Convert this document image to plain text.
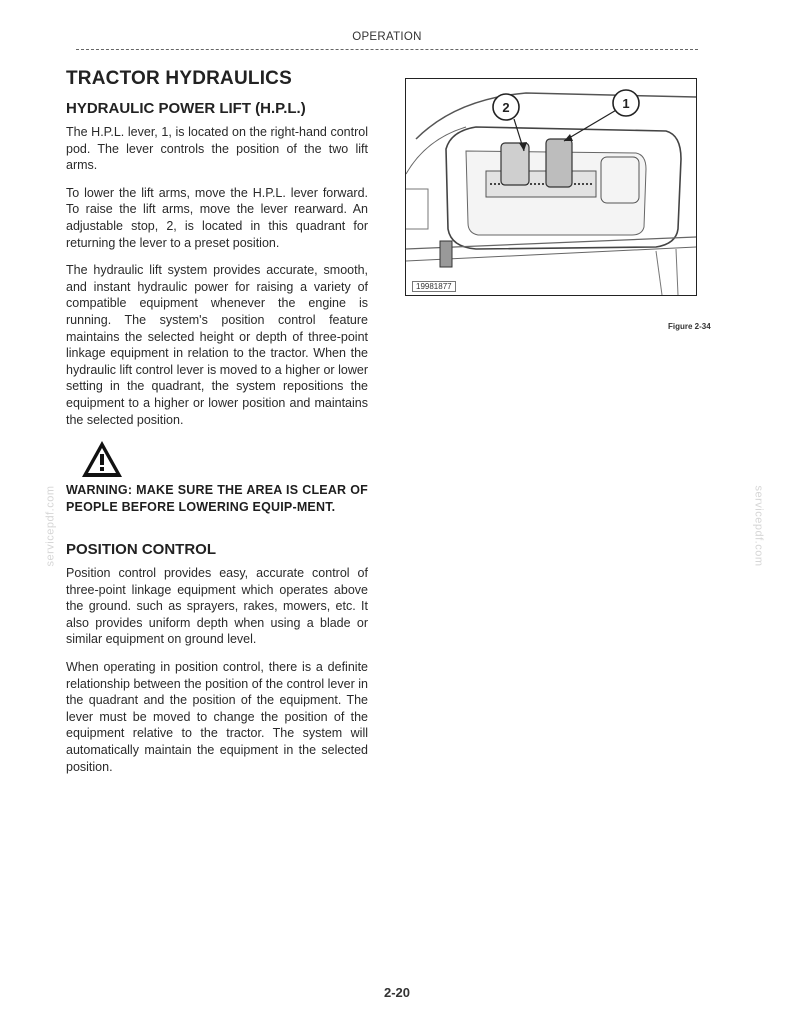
OPERATION
TRACTOR HYDRAULICS
HYDRAULIC POWER LIFT (H.P.L.)

The H.P.L. lever, 1, is located on the right-hand control pod. The lever controls the position of the two lift arms.

To lower the lift arms, move the H.P.L. lever forward. To raise the lift arms, move the lever rearward. An adjustable stop, 2, is located in this quadrant for returning the lever to a preset position.

The hydraulic lift system provides accurate, smooth, and instant hydraulic power for raising a variety of compatible equipment whenever the engine is running. The system's position control feature maintains the selected height or depth of three-point linkage equipment in relation to the tractor. When the hydraulic lift control lever is moved to a higher or lower setting in the quadrant, the system repositions the equipment to a higher or lower position and maintains the selected position.

WARNING: MAKE SURE THE AREA IS CLEAR OF PEOPLE BEFORE LOWERING EQUIP-MENT.
POSITION CONTROL

Position control provides easy, accurate control of three-point linkage equipment which operates above the ground. such as sprayers, rakes, mowers, etc. It also provides uniform depth when using a blade or similar equipment on ground level.

When operating in position control, there is a definite relationship between the position of the control lever in the quadrant and the position of the equipment. The lever must be moved to change the position of the equipment relative to the tractor. The system will automatically maintain the equipment in the selected position.

2	1
19981877
Figure 2-34
servicepdf.com	servicepdf.com
2-20
